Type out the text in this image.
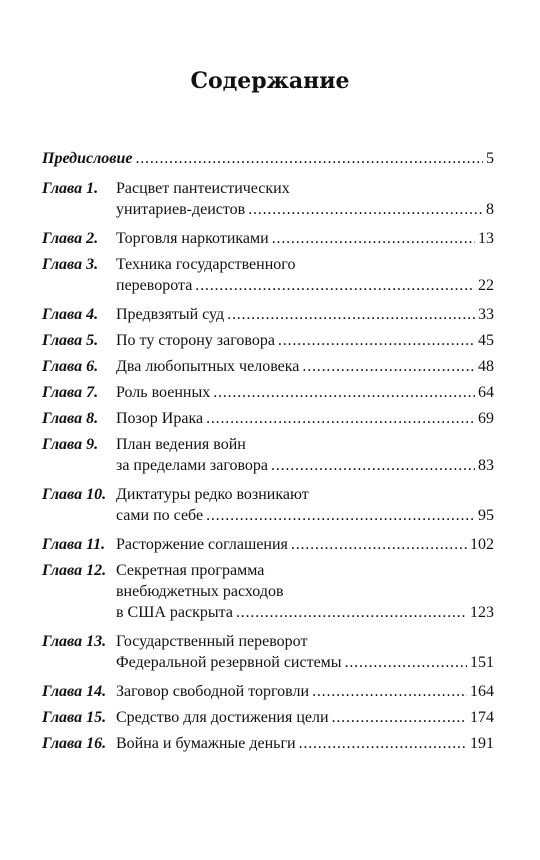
Содержание
Предисловие . . .	5
Глава 1.	Расцвет пантеистических
унитариев-деистов . . .	8
Глава 2.	Торговля наркотиками . . .	13
Глава 3.	Техника государственного
переворота . . .	22
Глава 4.	Предвзятый суд . . .	33
Глава 5.	По ту сторону заговора . . .	45
Глава 6.	Два любопытных человека . . .	48
Глава 7.	Роль военных . . .	64
Глава 8.	Позор Ирака . . .	69
Глава 9.	План ведения войн
за пределами заговора . . .	83
Глава 10. Диктатуры редко возникают
сами по себе . . .	95
Глава 11. Расторжение соглашения . . .	102
Глава 12. Секретная программа
внебюджетных расходов
в США раскрыта . . .	123
Глава 13. Государственный переворот
Федеральной резервной системы . . .	151
Глава 14. Заговор свободной торговли . . .	164
Глава 15. Средство для достижения цели . . .	174
Глава 16. Война и бумажные деньги . . .	191
